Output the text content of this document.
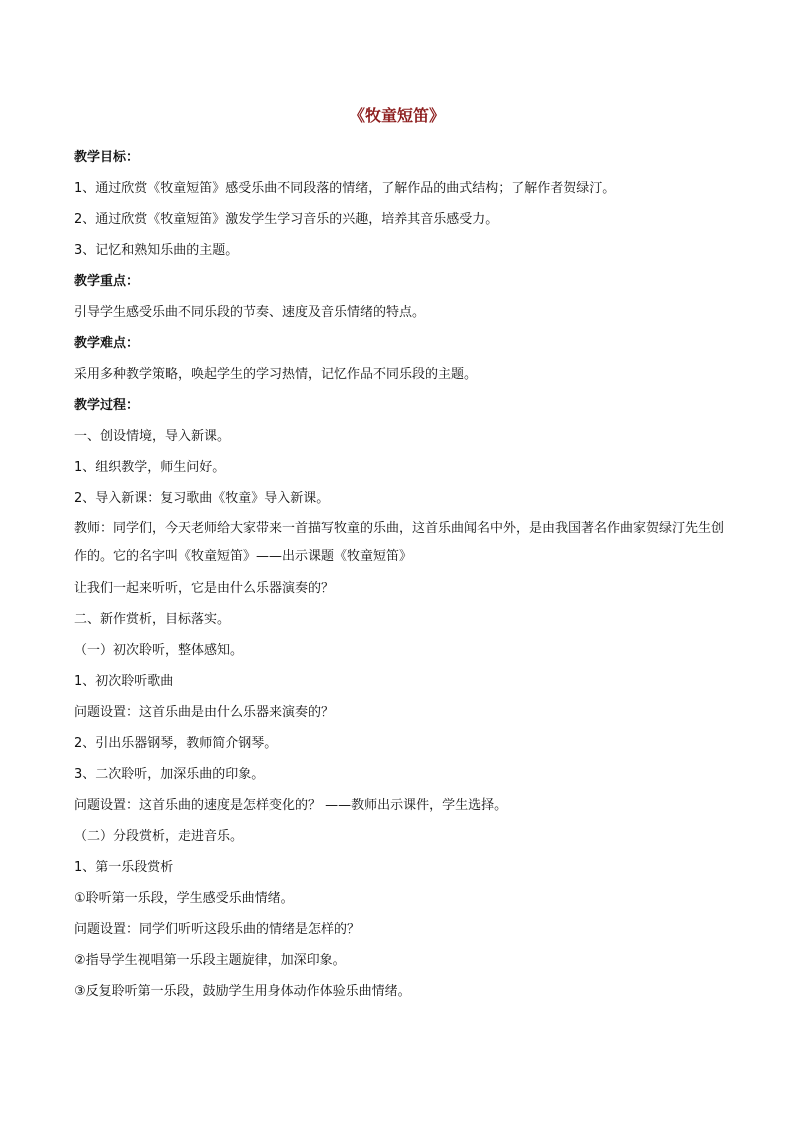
《牧童短笛》

教学目标：

1、通过欣赏《牧童短笛》感受乐曲不同段落的情绪，了解作品的曲式结构；了解作者贺绿汀。

2、通过欣赏《牧童短笛》激发学生学习音乐的兴趣，培养其音乐感受力。

3、记忆和熟知乐曲的主题。

教学重点：

引导学生感受乐曲不同乐段的节奏、速度及音乐情绪的特点。

教学难点：

采用多种教学策略，唤起学生的学习热情，记忆作品不同乐段的主题。

教学过程：

一、创设情境，导入新课。

1、组织教学，师生问好。

2、导入新课：复习歌曲《牧童》导入新课。

教师：同学们，今天老师给大家带来一首描写牧童的乐曲，这首乐曲闻名中外，是由我国著名作曲家贺绿汀先生创作的。它的名字叫《牧童短笛》——出示课题《牧童短笛》

让我们一起来听听，它是由什么乐器演奏的？

二、新作赏析，目标落实。

（一）初次聆听，整体感知。

1、初次聆听歌曲

问题设置：这首乐曲是由什么乐器来演奏的？

2、引出乐器钢琴，教师简介钢琴。

3、二次聆听，加深乐曲的印象。

问题设置：这首乐曲的速度是怎样变化的？ ——教师出示课件，学生选择。

（二）分段赏析，走进音乐。

1、第一乐段赏析

①聆听第一乐段，学生感受乐曲情绪。

问题设置：同学们听听这段乐曲的情绪是怎样的？

②指导学生视唱第一乐段主题旋律，加深印象。

③反复聆听第一乐段，鼓励学生用身体动作体验乐曲情绪。
